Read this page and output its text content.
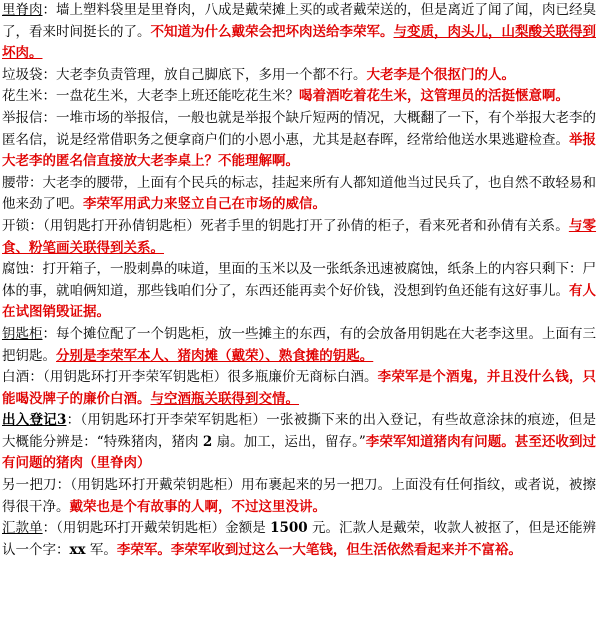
里脊肉：墙上塑料袋里是里脊肉，八成是戴荣摊上买的或者戴荣送的，但是离近了闻了闻，肉已经臭了，看来时间挺长的了。不知道为什么戴荣会把坏肉送给李荣军。与变质，肉头儿，山梨酸关联得到坏肉。

垃圾袋：大老李负责管理，放自己脚底下，多用一个都不行。大老李是个很抠门的人。

花生米：一盘花生米，大老李上班还能吃花生米？喝着酒吃着花生米，这管理员的活挺惬意啊。

举报信：一堆市场的举报信，一般也就是举报个缺斤短两的情况，大概翻了一下，有个举报大老李的匿名信，说是经常借职务之便拿商户们的小恩小惠，尤其是赵春晖，经常给他送水果逃避检查。举报大老李的匿名信直接放大老李桌上？不能理解啊。

腰带：大老李的腰带，上面有个民兵的标志，挂起来所有人都知道他当过民兵了，也自然不敢轻易和他来劲了吧。李荣军用武力来竖立自己在市场的威信。

开锁：（用钥匙打开孙倩钥匙柜）死者手里的钥匙打开了孙倩的柜子，看来死者和孙倩有关系。与零食、粉笔画关联得到关系。

腐蚀：打开箱子，一股刺鼻的味道，里面的玉米以及一张纸条迅速被腐蚀，纸条上的内容只剩下：尸体的事，就咱俩知道，那些钱咱们分了，东西还能再卖个好价钱，没想到钓鱼还能有这好事儿。有人在试图销毁证据。

钥匙柜：每个摊位配了一个钥匙柜，放一些摊主的东西，有的会放备用钥匙在大老李这里。上面有三把钥匙。分别是李荣军本人、猪肉摊（戴荣）、熟食摊的钥匙。

白酒：（用钥匙环打开李荣军钥匙柜）很多瓶廉价无商标白酒。李荣军是个酒鬼，并且没什么钱，只能喝没牌子的廉价白酒。与空酒瓶关联得到交情。

出入登记3：（用钥匙环打开李荣军钥匙柜）一张被撕下来的出入登记，有些故意涂抹的痕迹，但是大概能分辨是：“特殊猪肉，猪肉 2 扇。加工，运出，留存。”李荣军知道猪肉有问题。甚至还收到过有问题的猪肉（里脊肉）

另一把刀：（用钥匙环打开戴荣钥匙柜）用布裹起来的另一把刀。上面没有任何指纹，或者说，被擦得很干净。戴荣也是个有故事的人啊，不过这里没讲。

汇款单：（用钥匙环打开戴荣钥匙柜）金额是 1500 元。汇款人是戴荣，收款人被抠了，但是还能辨认一个字：xx 军。李荣军。李荣军收到过这么一大笔钱，但生活依然看起来并不富裕。
